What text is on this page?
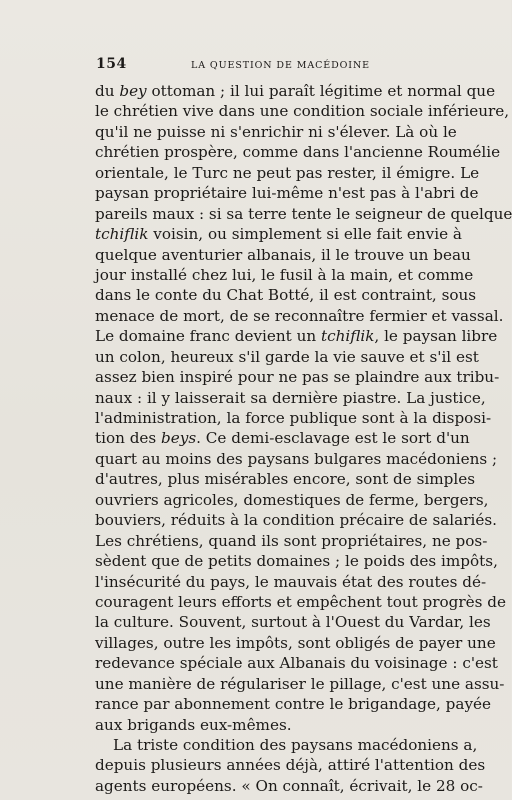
154	LA QUESTION DE MACÉDOINE
du bey ottoman ; il lui paraît légitime et normal que
le chrétien vive dans une condition sociale inférieure,
qu'il ne puisse ni s'enrichir ni s'élever. Là où le
chrétien prospère, comme dans l'ancienne Roumélie
orientale, le Turc ne peut pas rester, il émigre. Le
paysan propriétaire lui-même n'est pas à l'abri de
pareils maux : si sa terre tente le seigneur de quelque
tchiflik voisin, ou simplement si elle fait envie à
quelque aventurier albanais, il le trouve un beau
jour installé chez lui, le fusil à la main, et comme
dans le conte du Chat Botté, il est contraint, sous
menace de mort, de se reconnaître fermier et vassal.
Le domaine franc devient un tchiflik, le paysan libre
un colon, heureux s'il garde la vie sauve et s'il est
assez bien inspiré pour ne pas se plaindre aux tribu-
naux : il y laisserait sa dernière piastre. La justice,
l'administration, la force publique sont à la disposi-
tion des beys. Ce demi-esclavage est le sort d'un
quart au moins des paysans bulgares macédoniens ;
d'autres, plus misérables encore, sont de simples
ouvriers agricoles, domestiques de ferme, bergers,
bouviers, réduits à la condition précaire de salariés.
Les chrétiens, quand ils sont propriétaires, ne pos-
sèdent que de petits domaines ; le poids des impôts,
l'insécurité du pays, le mauvais état des routes dé-
couragent leurs efforts et empêchent tout progrès de
la culture. Souvent, surtout à l'Ouest du Vardar, les
villages, outre les impôts, sont obligés de payer une
redevance spéciale aux Albanais du voisinage : c'est
une manière de régulariser le pillage, c'est une assu-
rance par abonnement contre le brigandage, payée
aux brigands eux-mêmes.
La triste condition des paysans macédoniens a,
depuis plusieurs années déjà, attiré l'attention des
agents européens. « On connaît, écrivait, le 28 oc-
